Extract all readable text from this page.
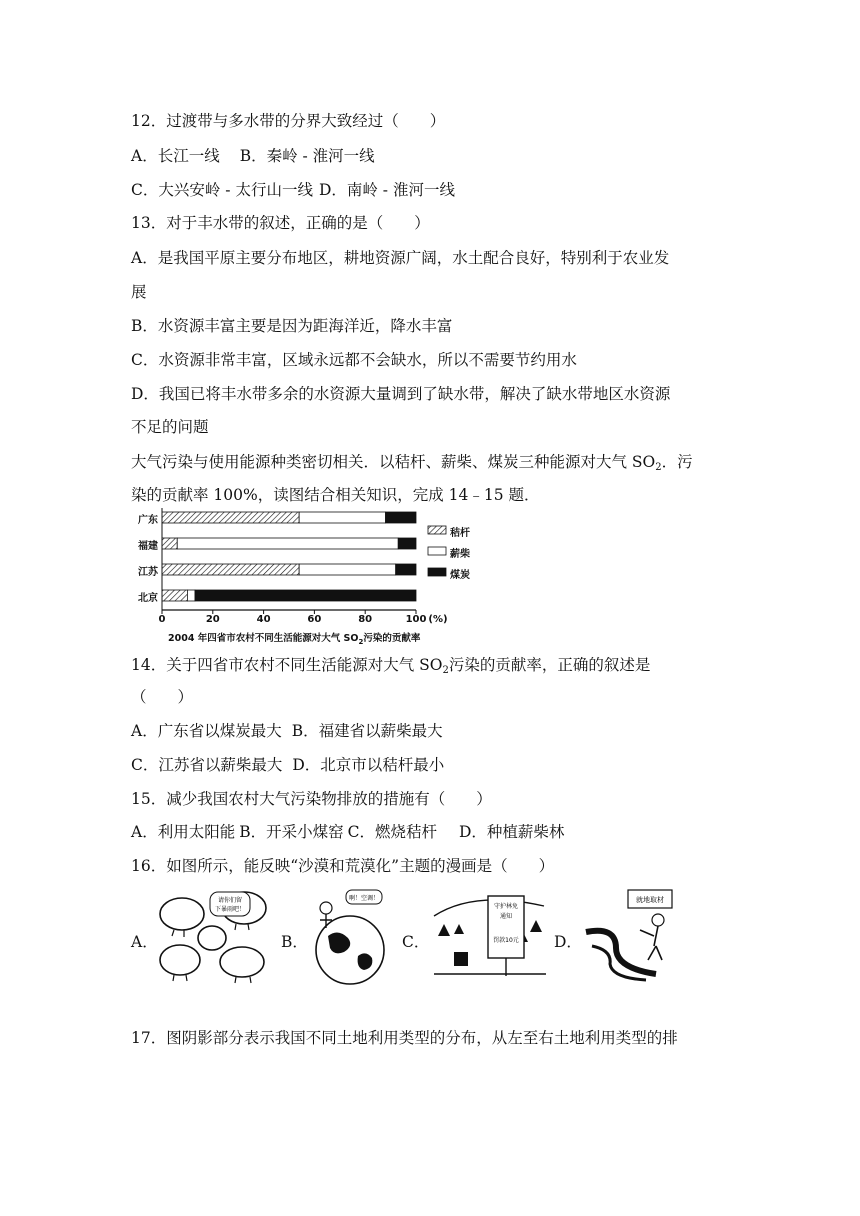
12．过渡带与多水带的分界大致经过（　　）
A．长江一线 B．秦岭 - 淮河一线
C．大兴安岭 - 太行山一线 D．南岭 - 淮河一线
13．对于丰水带的叙述，正确的是（　　）
A．是我国平原主要分布地区，耕地资源广阔，水土配合良好，特别利于农业发
展
B．水资源丰富主要是因为距海洋近，降水丰富
C．水资源非常丰富，区域永远都不会缺水，所以不需要节约用水
D．我国已将丰水带多余的水资源大量调到了缺水带，解决了缺水带地区水资源
不足的问题
大气污染与使用能源种类密切相关．以秸杆、薪柴、煤炭三种能源对大气 $SO_2$．污
染的贡献率 100%，读图结合相关知识，完成 14﹣15 题．
广东
福建
江苏
北京
0	20	40	60	80	100 (%)
秸杆
薪柴
煤炭
2004 年四省市农村不同生活能源对大气 $SO_2$污染的贡献率
14．关于四省市农村不同生活能源对大气 $SO_2$污染的贡献率，正确的叙述是
（　　）
A．广东省以煤炭最大 B．福建省以薪柴最大
C．江苏省以薪柴最大 D．北京市以秸杆最小
15．减少我国农村大气污染物排放的措施有（　　）
A．利用太阳能 B．开采小煤窑 C．燃烧秸杆 D．种植薪柴林
16．如图所示，能反映“沙漠和荒漠化”主题的漫画是（　　）
A．
请你们留
下暴雨吧！
B．
啊！空调！
C．
守护林免
通知
罚款10元 D．
就地取材
17．图阴影部分表示我国不同土地利用类型的分布，从左至右土地利用类型的排
